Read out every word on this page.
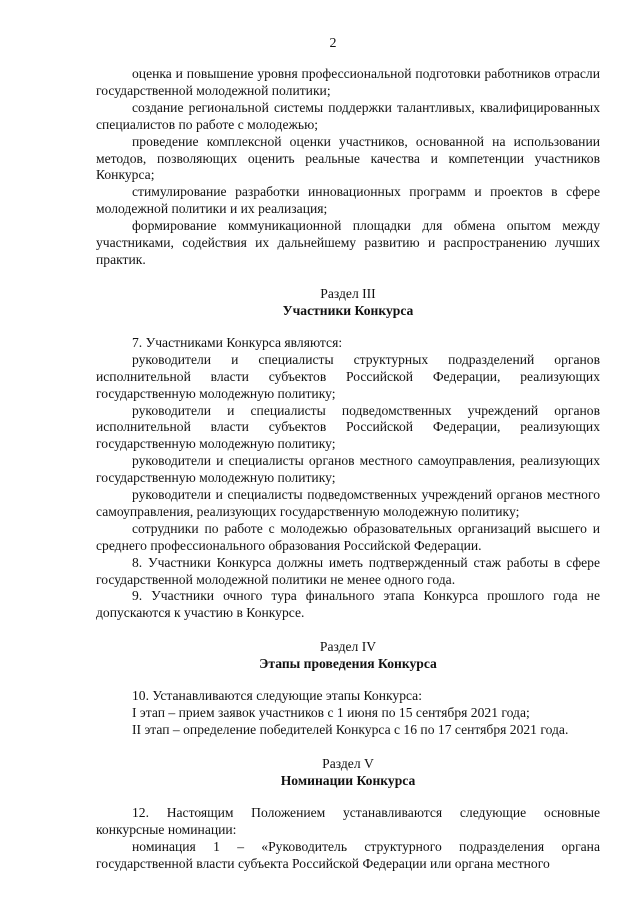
2

оценка и повышение уровня профессиональной подготовки работников отрасли государственной молодежной политики;

создание региональной системы поддержки талантливых, квалифицированных специалистов по работе с молодежью;

проведение комплексной оценки участников, основанной на использовании методов, позволяющих оценить реальные качества и компетенции участников Конкурса;

стимулирование разработки инновационных программ и проектов в сфере молодежной политики и их реализация;

формирование коммуникационной площадки для обмена опытом между участниками, содействия их дальнейшему развитию и распространению лучших практик.

Раздел III
Участники Конкурса

7. Участниками Конкурса являются:

руководители и специалисты структурных подразделений органов исполнительной власти субъектов Российской Федерации, реализующих государственную молодежную политику;

руководители и специалисты подведомственных учреждений органов исполнительной власти субъектов Российской Федерации, реализующих государственную молодежную политику;

руководители и специалисты органов местного самоуправления, реализующих государственную молодежную политику;

руководители и специалисты подведомственных учреждений органов местного самоуправления, реализующих государственную молодежную политику;

сотрудники по работе с молодежью образовательных организаций высшего и среднего профессионального образования Российской Федерации.

8. Участники Конкурса должны иметь подтвержденный стаж работы в сфере государственной молодежной политики не менее одного года.

9. Участники очного тура финального этапа Конкурса прошлого года не допускаются к участию в Конкурсе.

Раздел IV
Этапы проведения Конкурса

10. Устанавливаются следующие этапы Конкурса:

I этап – прием заявок участников с 1 июня по 15 сентября 2021 года;

II этап – определение победителей Конкурса с 16 по 17 сентября 2021 года.

Раздел V
Номинации Конкурса

12. Настоящим Положением устанавливаются следующие основные конкурсные номинации:

номинация 1 – «Руководитель структурного подразделения органа государственной власти субъекта Российской Федерации или органа местного
